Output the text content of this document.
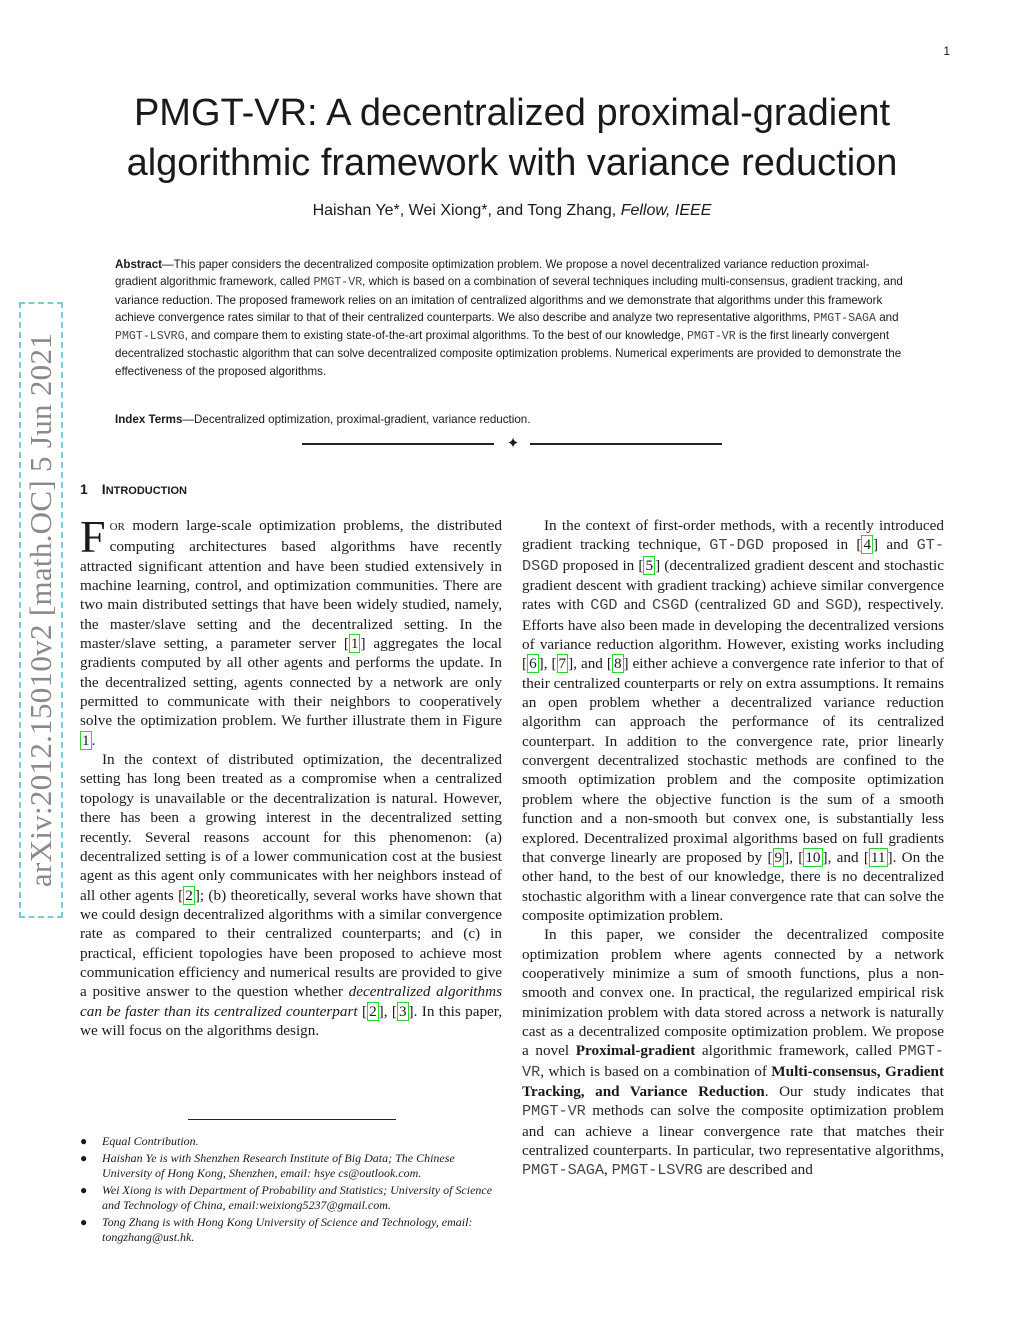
1
PMGT-VR: A decentralized proximal-gradient
algorithmic framework with variance reduction
Haishan Ye*, Wei Xiong*, and Tong Zhang, Fellow, IEEE
arXiv:2012.15010v2 [math.OC] 5 Jun 2021

Abstract—This paper considers the decentralized composite optimization problem. We propose a novel decentralized variance reduction proximal-gradient algorithmic framework, called PMGT-VR, which is based on a combination of several techniques including multi-consensus, gradient tracking, and variance reduction. The proposed framework relies on an imitation of centralized algorithms and we demonstrate that algorithms under this framework achieve convergence rates similar to that of their centralized counterparts. We also describe and analyze two representative algorithms, PMGT-SAGA and PMGT-LSVRG, and compare them to existing state-of-the-art proximal algorithms. To the best of our knowledge, PMGT-VR is the first linearly convergent decentralized stochastic algorithm that can solve decentralized composite optimization problems. Numerical experiments are provided to demonstrate the effectiveness of the proposed algorithms.

Index Terms—Decentralized optimization, proximal-gradient, variance reduction.
✦
1 INTRODUCTION

FOR modern large-scale optimization problems, the distributed computing architectures based algorithms have recently attracted significant attention and have been studied extensively in machine learning, control, and optimization communities. There are two main distributed settings that have been widely studied, namely, the master/slave setting and the decentralized setting. In the master/slave setting, a parameter server [ 1 ] aggregates the local gradients computed by all other agents and performs the update. In the decentralized setting, agents connected by a network are only permitted to communicate with their neighbors to cooperatively solve the optimization problem. We further illustrate them in Figure 1 .

In the context of distributed optimization, the decentralized setting has long been treated as a compromise when a centralized topology is unavailable or the decentralization is natural. However, there has been a growing interest in the decentralized setting recently. Several reasons account for this phenomenon: (a) decentralized setting is of a lower communication cost at the busiest agent as this agent only communicates with her neighbors instead of all other agents [ 2 ]; (b) theoretically, several works have shown that we could design decentralized algorithms with a similar convergence rate as compared to their centralized counterparts; and (c) in practical, efficient topologies have been proposed to achieve most communication efficiency and numerical results are provided to give a positive answer to the question whether decentralized algorithms can be faster than its centralized counterpart [ 2 ], [ 3 ]. In this paper, we will focus on the algorithms design.

● Equal Contribution.
● Haishan Ye is with Shenzhen Research Institute of Big Data; The Chinese University of Hong Kong, Shenzhen, email: hsye cs@outlook.com.
● Wei Xiong is with Department of Probability and Statistics; University of Science and Technology of China, email:weixiong5237@gmail.com.
● Tong Zhang is with Hong Kong University of Science and Technology, email: tongzhang@ust.hk.

In the context of first-order methods, with a recently introduced gradient tracking technique, GT-DGD proposed in [ 4 ] and GT-DSGD proposed in [ 5 ] (decentralized gradient descent and stochastic gradient descent with gradient tracking) achieve similar convergence rates with CGD and CSGD (centralized GD and SGD), respectively. Efforts have also been made in developing the decentralized versions of variance reduction algorithm. However, existing works including [ 6 ], [ 7 ], and [ 8 ] either achieve a convergence rate inferior to that of their centralized counterparts or rely on extra assumptions. It remains an open problem whether a decentralized variance reduction algorithm can approach the performance of its centralized counterpart. In addition to the convergence rate, prior linearly convergent decentralized stochastic methods are confined to the smooth optimization problem and the composite optimization problem where the objective function is the sum of a smooth function and a non-smooth but convex one, is substantially less explored. Decentralized proximal algorithms based on full gradients that converge linearly are proposed by [ 9 ], [ 10 ], and [ 11 ]. On the other hand, to the best of our knowledge, there is no decentralized stochastic algorithm with a linear convergence rate that can solve the composite optimization problem.

In this paper, we consider the decentralized composite optimization problem where agents connected by a network cooperatively minimize a sum of smooth functions, plus a non-smooth and convex one. In practical, the regularized empirical risk minimization problem with data stored across a network is naturally cast as a decentralized composite optimization problem. We propose a novel Proximal-gradient algorithmic framework, called PMGT-VR, which is based on a combination of Multi-consensus, Gradient Tracking, and Variance Reduction. Our study indicates that PMGT-VR methods can solve the composite optimization problem and can achieve a linear convergence rate that matches their centralized counterparts. In particular, two representative algorithms, PMGT-SAGA, PMGT-LSVRG are described and
